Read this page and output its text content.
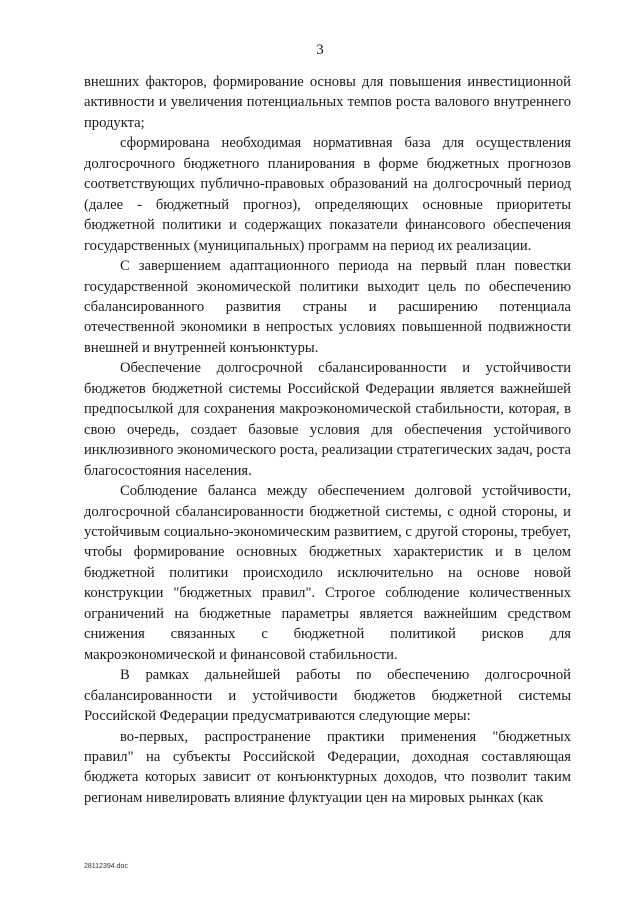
3

внешних факторов, формирование основы для повышения инвестиционной активности и увеличения потенциальных темпов роста валового внутреннего продукта;

сформирована необходимая нормативная база для осуществления долгосрочного бюджетного планирования в форме бюджетных прогнозов соответствующих публично-правовых образований на долгосрочный период (далее - бюджетный прогноз), определяющих основные приоритеты бюджетной политики и содержащих показатели финансового обеспечения государственных (муниципальных) программ на период их реализации.

С завершением адаптационного периода на первый план повестки государственной экономической политики выходит цель по обеспечению сбалансированного развития страны и расширению потенциала отечественной экономики в непростых условиях повышенной подвижности внешней и внутренней конъюнктуры.

Обеспечение долгосрочной сбалансированности и устойчивости бюджетов бюджетной системы Российской Федерации является важнейшей предпосылкой для сохранения макроэкономической стабильности, которая, в свою очередь, создает базовые условия для обеспечения устойчивого инклюзивного экономического роста, реализации стратегических задач, роста благосостояния населения.

Соблюдение баланса между обеспечением долговой устойчивости, долгосрочной сбалансированности бюджетной системы, с одной стороны, и устойчивым социально-экономическим развитием, с другой стороны, требует, чтобы формирование основных бюджетных характеристик и в целом бюджетной политики происходило исключительно на основе новой конструкции "бюджетных правил". Строгое соблюдение количественных ограничений на бюджетные параметры является важнейшим средством снижения связанных с бюджетной политикой рисков для макроэкономической и финансовой стабильности.

В рамках дальнейшей работы по обеспечению долгосрочной сбалансированности и устойчивости бюджетов бюджетной системы Российской Федерации предусматриваются следующие меры:

во-первых, распространение практики применения "бюджетных правил" на субъекты Российской Федерации, доходная составляющая бюджета которых зависит от конъюнктурных доходов, что позволит таким регионам нивелировать влияние флуктуации цен на мировых рынках (как

28112394.doc
